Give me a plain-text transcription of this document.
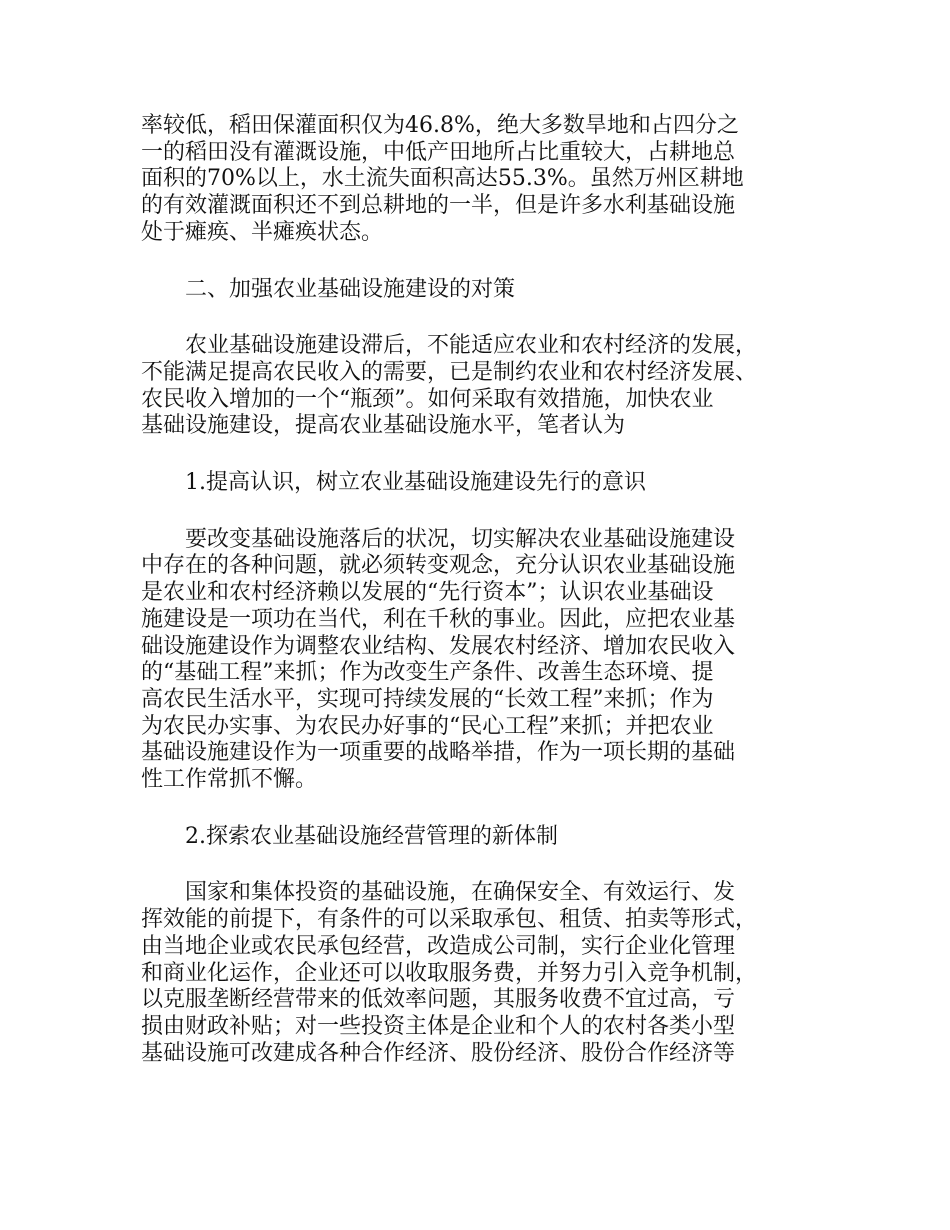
率较低，稻田保灌面积仅为46.8%，绝大多数旱地和占四分之
一的稻田没有灌溉设施，中低产田地所占比重较大，占耕地总
面积的70%以上，水土流失面积高达55.3%。虽然万州区耕地
的有效灌溉面积还不到总耕地的一半，但是许多水利基础设施
处于瘫痪、半瘫痪状态。
二、加强农业基础设施建设的对策
农业基础设施建设滞后，不能适应农业和农村经济的发展，
不能满足提高农民收入的需要，已是制约农业和农村经济发展、
农民收入增加的一个“瓶颈”。如何采取有效措施，加快农业
基础设施建设，提高农业基础设施水平，笔者认为
1.提高认识，树立农业基础设施建设先行的意识
要改变基础设施落后的状况，切实解决农业基础设施建设
中存在的各种问题，就必须转变观念，充分认识农业基础设施
是农业和农村经济赖以发展的“先行资本”；认识农业基础设
施建设是一项功在当代，利在千秋的事业。因此，应把农业基
础设施建设作为调整农业结构、发展农村经济、增加农民收入
的“基础工程”来抓；作为改变生产条件、改善生态环境、提
高农民生活水平，实现可持续发展的“长效工程”来抓；作为
为农民办实事、为农民办好事的“民心工程”来抓；并把农业
基础设施建设作为一项重要的战略举措，作为一项长期的基础
性工作常抓不懈。
2.探索农业基础设施经营管理的新体制
国家和集体投资的基础设施，在确保安全、有效运行、发
挥效能的前提下，有条件的可以采取承包、租赁、拍卖等形式，
由当地企业或农民承包经营，改造成公司制，实行企业化管理
和商业化运作，企业还可以收取服务费，并努力引入竞争机制，
以克服垄断经营带来的低效率问题，其服务收费不宜过高，亏
损由财政补贴；对一些投资主体是企业和个人的农村各类小型
基础设施可改建成各种合作经济、股份经济、股份合作经济等
